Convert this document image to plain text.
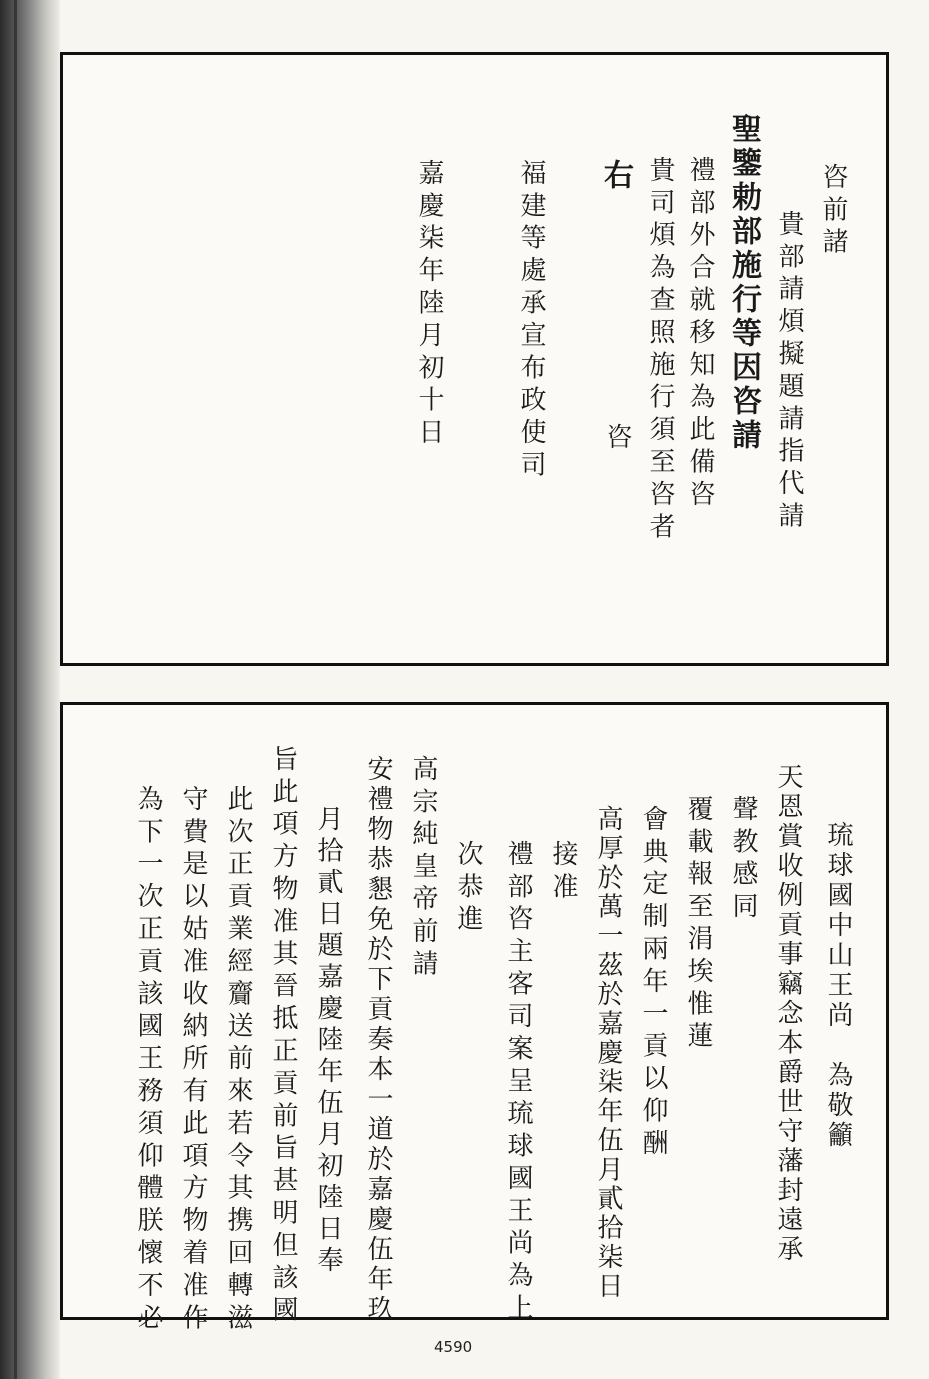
咨前諸
貴部請煩擬題請指代請
聖鑒勅部施行等因咨請
禮部外合就移知為此備咨
貴司煩為查照施行須至咨者
右
咨
福建等處承宣布政使司
嘉慶柒年陸月初十日
天恩賞收例貢事竊念本爵世守藩封遠承 琉球國中山王尚　為敬籲
聲教感同
覆載報至涓埃惟蓮
會典定制兩年一貢以仰酬
高厚於萬一茲於嘉慶柒年伍月貳拾柒日
接准
禮部咨主客司案呈琉球國王尚為上
次恭進
高宗純皇帝前請
安禮物恭懇免於下貢奏本一道於嘉慶伍年玖
月拾貳日題嘉慶陸年伍月初陸日奉
旨此項方物准其晉抵正貢前旨甚明但該國
此次正貢業經齎送前來若令其携回轉滋
守費是以姑准收納所有此項方物着准作
為下一次正貢該國王務須仰體朕懷不必
4590
